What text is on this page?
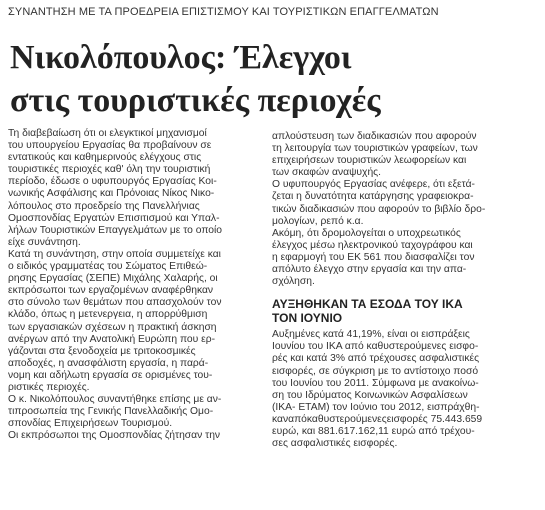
ΣΥΝΑΝΤΗΣΗ ΜΕ ΤΑ ΠΡΟΕΔΡΕΙΑ ΕΠΙΣΤΙΣΜΟΥ ΚΑΙ ΤΟΥΡΙΣΤΙΚΩΝ ΕΠΑΓΓΕΛΜΑΤΩΝ
Νικολόπουλος: Έλεγχοι
στις τουριστικές περιοχές
Τη διαβεβαίωση ότι οι ελεγκτικοί μηχανισμοί
του υπουργείου Εργασίας θα προβαίνουν σε
εντατικούς και καθημερινούς ελέγχους στις
τουριστικές περιοχές καθ' όλη την τουριστική
περίοδο, έδωσε ο υφυπουργός Εργασίας Κοι-
νωνικής Ασφάλισης και Πρόνοιας Νίκος Νικο-
λόπουλος στο προεδρείο της Πανελλήνιας
Ομοσπονδίας Εργατών Επισιτισμού και Υπαλ-
λήλων Τουριστικών Επαγγελμάτων με το οποίο
είχε συνάντηση.
Κατά τη συνάντηση, στην οποία συμμετείχε και
ο ειδικός γραμματέας του Σώματος Επιθεώ-
ρησης Εργασίας (ΣΕΠΕ) Μιχάλης Χαλαρής, οι
εκπρόσωποι των εργαζομένων αναφέρθηκαν
στο σύνολο των θεμάτων που απασχολούν τον
κλάδο, όπως η μετενεργεια, η απορρύθμιση
των εργασιακών σχέσεων η πρακτική άσκηση
ανέργων από την Ανατολική Ευρώπη που ερ-
γάζονται στα ξενοδοχεία με τριτοκοσμικές
αποδοχές, η ανασφάλιστη εργασία, η παρά-
νομη και αδήλωτη εργασία σε ορισμένες του-
ριστικές περιοχές.
Ο κ. Νικολόπουλος συναντήθηκε επίσης με αν-
τιπροσωπεία της Γενικής Πανελλαδικής Ομο-
σπονδίας Επιχειρήσεων Τουρισμού.
Οι εκπρόσωποι της Ομοσπονδίας ζήτησαν την
απλούστευση των διαδικασιών που αφορούν
τη λειτουργία των τουριστικών γραφείων, των
επιχειρήσεων τουριστικών λεωφορείων και
των σκαφών αναψυχής.
Ο υφυπουργός Εργασίας ανέφερε, ότι εξετά-
ζεται η δυνατότητα κατάργησης γραφειοκρα-
τικών διαδικασιών που αφορούν το βιβλίο δρο-
μολογίων, ρεπό κ.α.
Ακόμη, ότι δρομολογείται ο υποχρεωτικός
έλεγχος μέσω ηλεκτρονικού ταχογράφου και
η εφαρμογή του ΕΚ 561 που διασφαλίζει τον
απόλυτο έλεγχο στην εργασία και την απα-
σχόληση.
ΑΥΞΗΘΗΚΑΝ ΤΑ ΕΣΟΔΑ ΤΟΥ ΙΚΑ
ΤΟΝ ΙΟΥΝΙΟ
Αυξημένες κατά 41,19%, είναι οι εισπράξεις
Ιουνίου του ΙΚΑ από καθυστερούμενες εισφο-
ρές και κατά 3% από τρέχουσες ασφαλιστικές
εισφορές, σε σύγκριση με το αντίστοιχο ποσό
του Ιουνίου του 2011. Σύμφωνα με ανακοίνω-
ση του Ιδρύματος Κοινωνικών Ασφαλίσεων
(ΙΚΑ- ΕΤΑΜ) τον Ιούνιο του 2012, εισπράχθη-
καναπόκαθυστερούμενεςεισφορές 75.443.659
ευρώ, και 881.617.162,11 ευρώ από τρέχου-
σες ασφαλιστικές εισφορές.
